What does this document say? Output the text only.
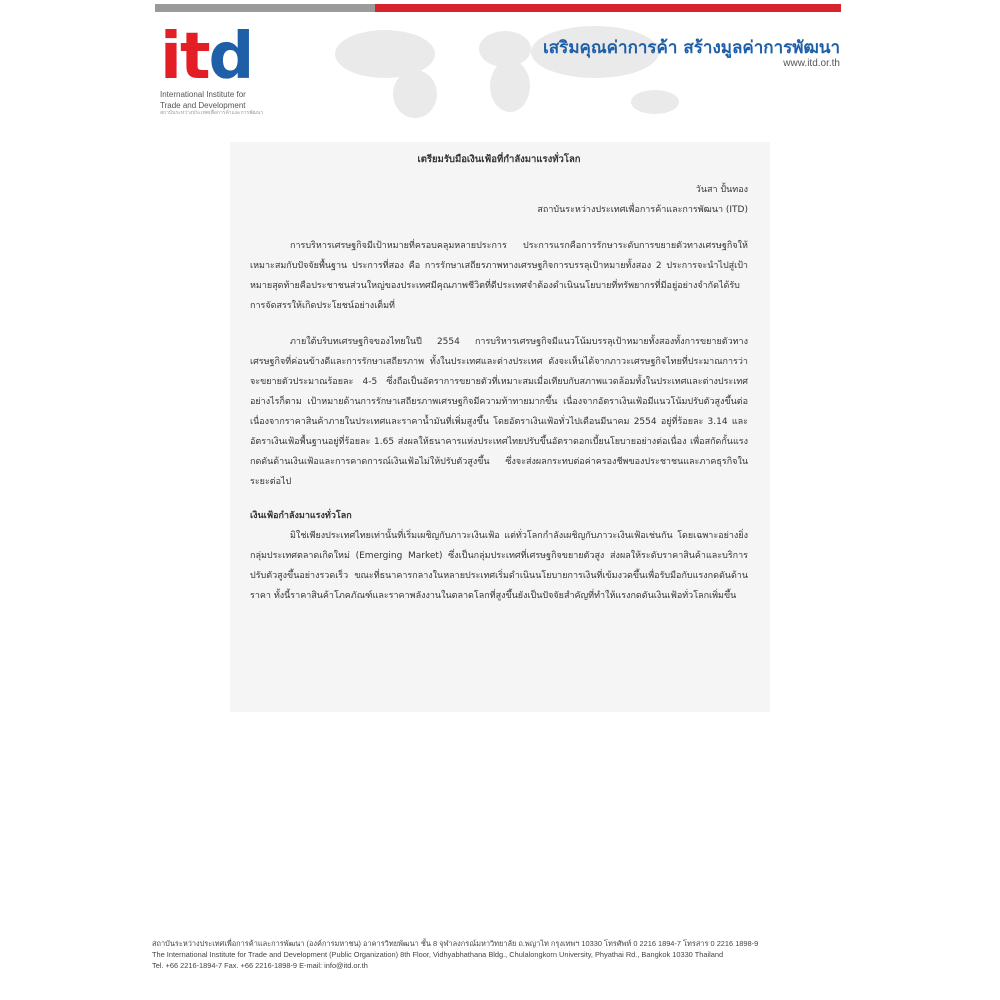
it d
International Institute for
Trade and Development
สถาบันระหว่างประเทศเพื่อการค้าและการพัฒนา
เสริมคุณค่าการค้า สร้างมูลค่าการพัฒนา
www.itd.or.th
เตรียมรับมือเงินเฟ้อที่กำลังมาแรงทั่วโลก
วันสา ปั้นทอง
สถาบันระหว่างประเทศเพื่อการค้าและการพัฒนา (ITD)

การบริหารเศรษฐกิจมีเป้าหมายที่ครอบคลุมหลายประการ ประการแรกคือการรักษาระดับการขยายตัวทางเศรษฐกิจให้เหมาะสมกับปัจจัยพื้นฐาน ประการที่สอง คือ การรักษาเสถียรภาพทางเศรษฐกิจการบรรลุเป้าหมายทั้งสอง 2 ประการจะนำไปสู่เป้าหมายสุดท้ายคือประชาชนส่วนใหญ่ของประเทศมีคุณภาพชีวิตที่ดีประเทศจำต้องดำเนินนโยบายที่ทรัพยากรที่มีอยู่อย่างจำกัดได้รับการจัดสรรให้เกิดประโยชน์อย่างเต็มที่

ภายใต้บริบทเศรษฐกิจของไทยในปี 2554 การบริหารเศรษฐกิจมีแนวโน้มบรรลุเป้าหมายทั้งสองทั้งการขยายตัวทางเศรษฐกิจที่ค่อนข้างดีและการรักษาเสถียรภาพ ทั้งในประเทศและต่างประเทศ ดังจะเห็นได้จากภาวะเศรษฐกิจไทยที่ประมาณการว่าจะขยายตัวประมาณร้อยละ 4-5 ซึ่งถือเป็นอัตราการขยายตัวที่เหมาะสมเมื่อเทียบกับสภาพแวดล้อมทั้งในประเทศและต่างประเทศ อย่างไรก็ตาม เป้าหมายด้านการรักษาเสถียรภาพเศรษฐกิจมีความท้าทายมากขึ้น เนื่องจากอัตราเงินเฟ้อมีแนวโน้มปรับตัวสูงขึ้นต่อเนื่องจากราคาสินค้าภายในประเทศและราคาน้ำมันที่เพิ่มสูงขึ้น โดยอัตราเงินเฟ้อทั่วไปเดือนมีนาคม 2554 อยู่ที่ร้อยละ 3.14 และอัตราเงินเฟ้อพื้นฐานอยู่ที่ร้อยละ 1.65 ส่งผลให้ธนาคารแห่งประเทศไทยปรับขึ้นอัตราดอกเบี้ยนโยบายอย่างต่อเนื่อง เพื่อสกัดกั้นแรงกดดันด้านเงินเฟ้อและการคาดการณ์เงินเฟ้อไม่ให้ปรับตัวสูงขึ้น ซึ่งจะส่งผลกระทบต่อค่าครองชีพของประชาชนและภาคธุรกิจในระยะต่อไป

เงินเฟ้อกำลังมาแรงทั่วโลก

มิใช่เพียงประเทศไทยเท่านั้นที่เริ่มเผชิญกับภาวะเงินเฟ้อ แต่ทั่วโลกกำลังเผชิญกับภาวะเงินเฟ้อเช่นกัน โดยเฉพาะอย่างยิ่งกลุ่มประเทศตลาดเกิดใหม่ (Emerging Market) ซึ่งเป็นกลุ่มประเทศที่เศรษฐกิจขยายตัวสูง ส่งผลให้ระดับราคาสินค้าและบริการปรับตัวสูงขึ้นอย่างรวดเร็ว ขณะที่ธนาคารกลางในหลายประเทศเริ่มดำเนินนโยบายการเงินที่เข้มงวดขึ้นเพื่อรับมือกับแรงกดดันด้านราคา ทั้งนี้ราคาสินค้าโภคภัณฑ์และราคาพลังงานในตลาดโลกที่สูงขึ้นยังเป็นปัจจัยสำคัญที่ทำให้แรงกดดันเงินเฟ้อทั่วโลกเพิ่มขึ้น

สถาบันระหว่างประเทศเพื่อการค้าและการพัฒนา (องค์การมหาชน) อาคารวิทยพัฒนา ชั้น 8 จุฬาลงกรณ์มหาวิทยาลัย ถ.พญาไท กรุงเทพฯ 10330 โทรศัพท์ 0 2216 1894-7 โทรสาร 0 2216 1898-9
The International Institute for Trade and Development (Public Organization) 8th Floor, Vidhyabhathana Bldg., Chulalongkorn University, Phyathai Rd., Bangkok 10330 Thailand
Tel. +66 2216-1894-7 Fax. +66 2216-1898-9 E-mail: info@itd.or.th
